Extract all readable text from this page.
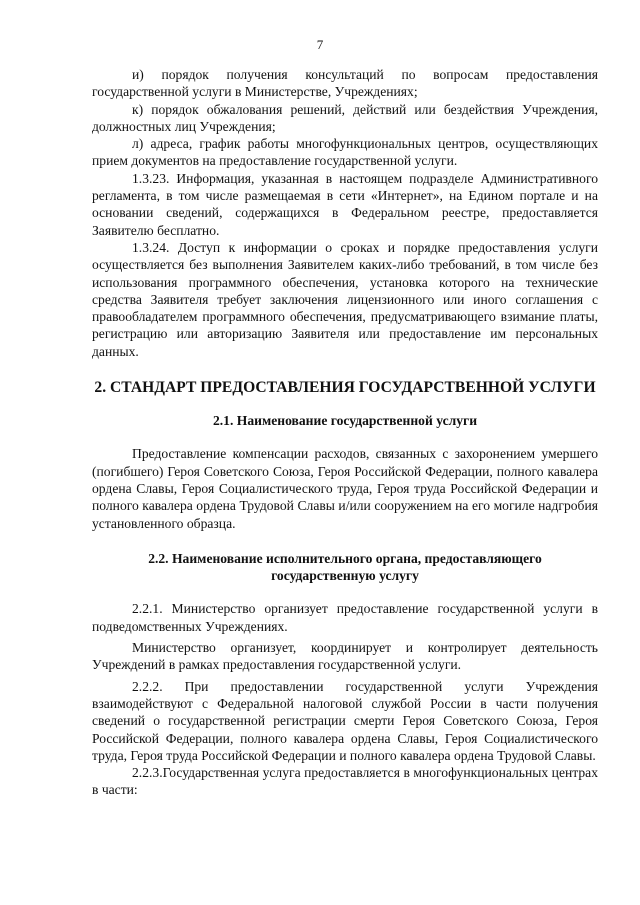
7

и) порядок получения консультаций по вопросам предоставления государственной услуги в Министерстве, Учреждениях;

к) порядок обжалования решений, действий или бездействия Учреждения, должностных лиц Учреждения;

л) адреса, график работы многофункциональных центров, осуществляющих прием документов на предоставление государственной услуги.

1.3.23. Информация, указанная в настоящем подразделе Административного регламента, в том числе размещаемая в сети «Интернет», на Едином портале и на основании сведений, содержащихся в Федеральном реестре, предоставляется Заявителю бесплатно.

1.3.24. Доступ к информации о сроках и порядке предоставления услуги осуществляется без выполнения Заявителем каких-либо требований, в том числе без использования программного обеспечения, установка которого на технические средства Заявителя требует заключения лицензионного или иного соглашения с правообладателем программного обеспечения, предусматривающего взимание платы, регистрацию или авторизацию Заявителя или предоставление им персональных данных.

2. СТАНДАРТ ПРЕДОСТАВЛЕНИЯ ГОСУДАРСТВЕННОЙ УСЛУГИ
2.1. Наименование государственной услуги

Предоставление компенсации расходов, связанных с захоронением умершего (погибшего) Героя Советского Союза, Героя Российской Федерации, полного кавалера ордена Славы, Героя Социалистического труда, Героя труда Российской Федерации и полного кавалера ордена Трудовой Славы и/или сооружением на его могиле надгробия установленного образца.

2.2. Наименование исполнительного органа, предоставляющего
государственную услугу

2.2.1. Министерство организует предоставление государственной услуги в подведомственных Учреждениях.

Министерство организует, координирует и контролирует деятельность Учреждений в рамках предоставления государственной услуги.

2.2.2. При предоставлении государственной услуги Учреждения взаимодействуют с Федеральной налоговой службой России в части получения сведений о государственной регистрации смерти Героя Советского Союза, Героя Российской Федерации, полного кавалера ордена Славы, Героя Социалистического труда, Героя труда Российской Федерации и полного кавалера ордена Трудовой Славы.

2.2.3.Государственная услуга предоставляется в многофункциональных центрах в части:
